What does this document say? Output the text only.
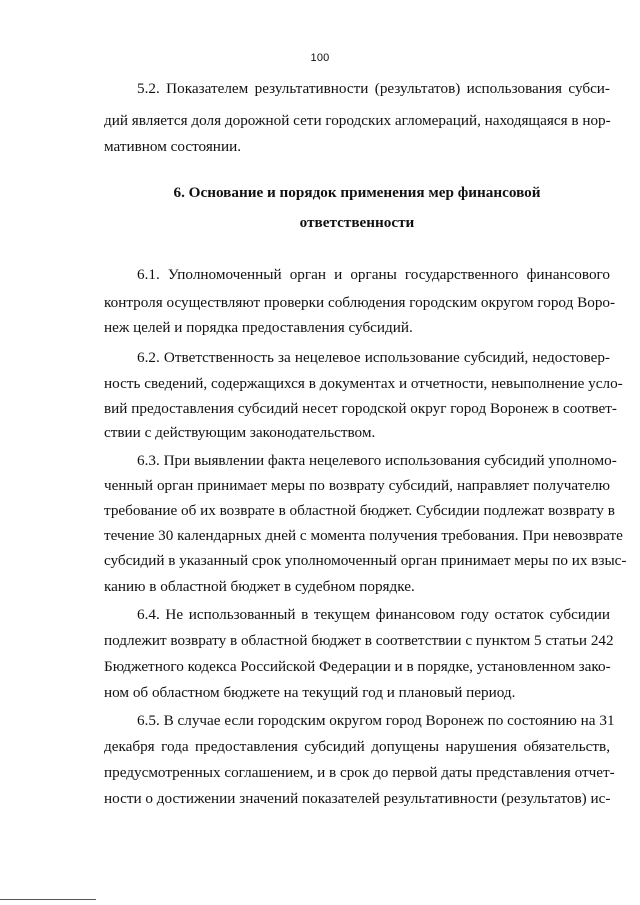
100
5.2. Показателем результативности (результатов) использования субси-
дий является доля дорожной сети городских агломераций, находящаяся в нор-
мативном состоянии.
6. Основание и порядок применения мер финансовой
ответственности
6.1. Уполномоченный орган и органы государственного финансового
контроля осуществляют проверки соблюдения городским округом город Воро-
неж целей и порядка предоставления субсидий.
6.2. Ответственность за нецелевое использование субсидий, недостовер-
ность сведений, содержащихся в документах и отчетности, невыполнение усло-
вий предоставления субсидий несет городской округ город Воронеж в соответ-
ствии с действующим законодательством.
6.3. При выявлении факта нецелевого использования субсидий уполномо-
ченный орган принимает меры по возврату субсидий, направляет получателю
требование об их возврате в областной бюджет. Субсидии подлежат возврату в
течение 30 календарных дней с момента получения требования. При невозврате
субсидий в указанный срок уполномоченный орган принимает меры по их взыс-
канию в областной бюджет в судебном порядке.
6.4. Не использованный в текущем финансовом году остаток субсидии
подлежит возврату в областной бюджет в соответствии с пунктом 5 статьи 242
Бюджетного кодекса Российской Федерации и в порядке, установленном зако-
ном об областном бюджете на текущий год и плановый период.
6.5. В случае если городским округом город Воронеж по состоянию на 31
декабря года предоставления субсидий допущены нарушения обязательств,
предусмотренных соглашением, и в срок до первой даты представления отчет-
ности о достижении значений показателей результативности (результатов) ис-
